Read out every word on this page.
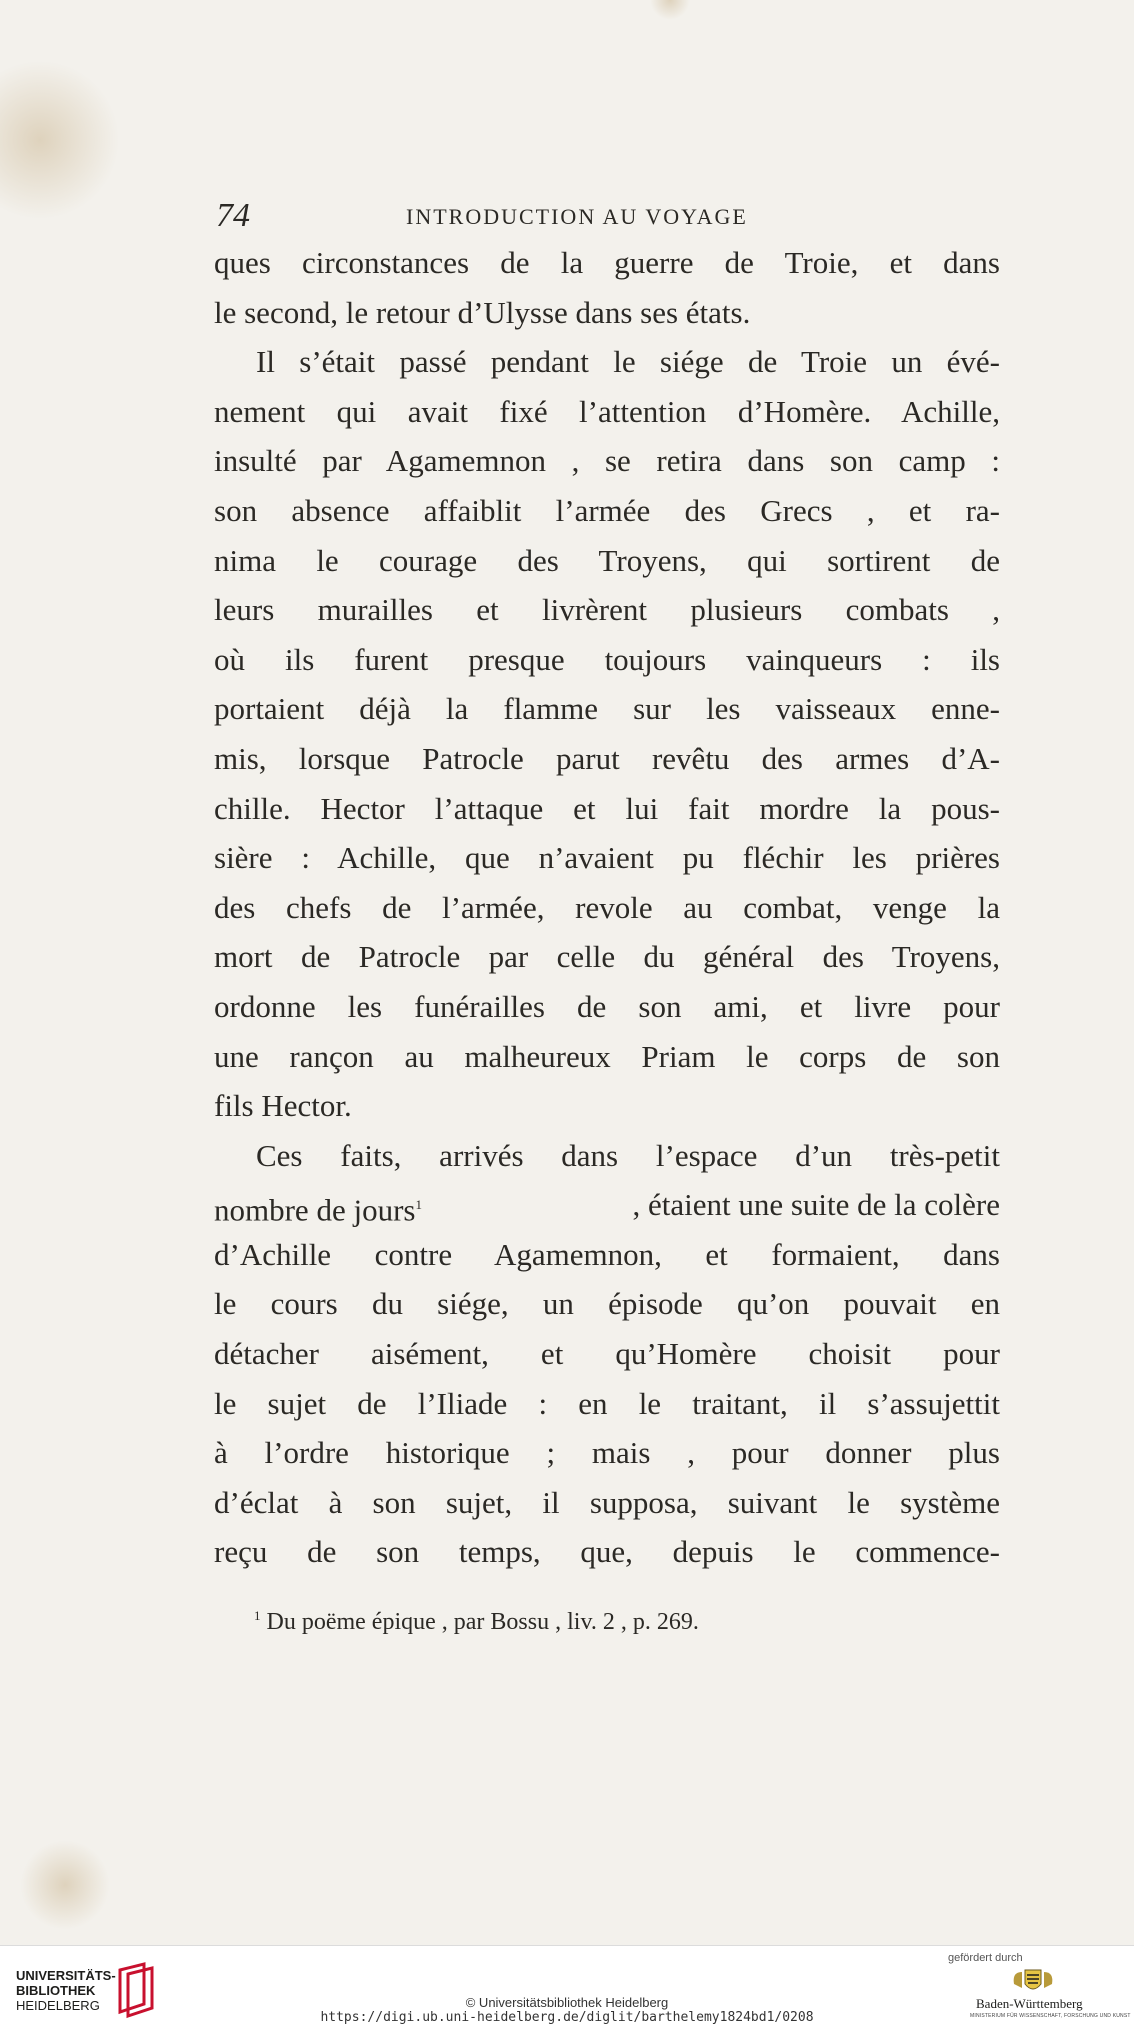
74	INTRODUCTION AU VOYAGE
ques circonstances de la guerre de Troie, et dans
le second, le retour d’Ulysse dans ses états.
Il s’était passé pendant le siége de Troie un évé-
nement qui avait fixé l’attention d’Homère. Achille,
insulté par Agamemnon , se retira dans son camp :
son absence affaiblit l’armée des Grecs , et ra-
nima le courage des Troyens, qui sortirent de
leurs murailles et livrèrent plusieurs combats ,
où ils furent presque toujours vainqueurs : ils
portaient déjà la flamme sur les vaisseaux enne-
mis, lorsque Patrocle parut revêtu des armes d’A-
chille. Hector l’attaque et lui fait mordre la pous-
sière : Achille, que n’avaient pu fléchir les prières
des chefs de l’armée, revole au combat, venge la
mort de Patrocle par celle du général des Troyens,
ordonne les funérailles de son ami, et livre pour
une rançon au malheureux Priam le corps de son
fils Hector.
Ces faits, arrivés dans l’espace d’un très-petit
nombre de jours$^1$	, étaient une suite de la colère
d’Achille contre Agamemnon, et formaient, dans
le cours du siége, un épisode qu’on pouvait en
détacher aisément, et qu’Homère choisit pour
le sujet de l’Iliade : en le traitant, il s’assujettit
à l’ordre historique ; mais , pour donner plus
d’éclat à son sujet, il supposa, suivant le système
reçu de son temps, que, depuis le commence-
$^1$ Du poëme épique , par Bossu , liv. 2 , p. 269.
UNIVERSITÄTS-
BIBLIOTHEK
HEIDELBERG	© Universitätsbibliothek Heidelberg
https://digi.ub.uni-heidelberg.de/diglit/barthelemy1824bd1/0208
gefördert durch
Baden-Württemberg
MINISTERIUM FÜR WISSENSCHAFT, FORSCHUNG UND KUNST
